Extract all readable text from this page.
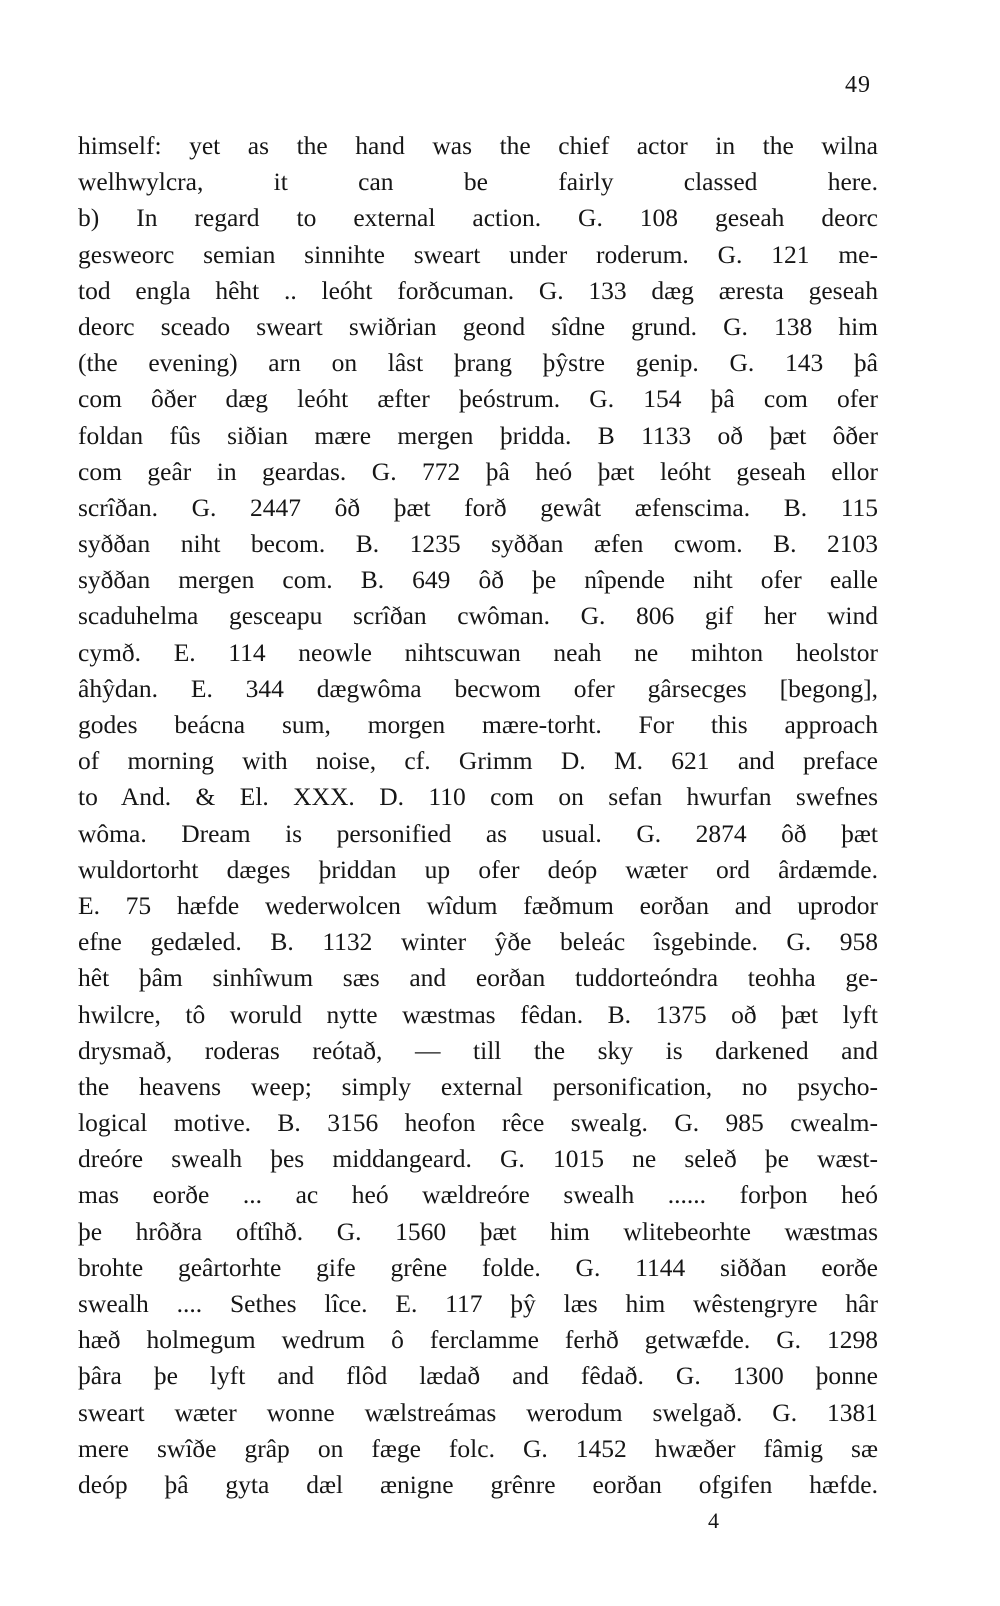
49
himself: yet as the hand was the chief actor in the wilna
welhwylcra, it can be fairly classed here.
b) In regard to external action. G. 108 geseah deorc
gesweorc semian sinnihte sweart under roderum. G. 121 me-
tod engla hêht .. leóht forðcuman. G. 133 dæg æresta geseah
deorc sceado sweart swiðrian geond sîdne grund. G. 138 him
(the evening) arn on lâst þrang þŷstre genip. G. 143 þâ
com ôðer dæg leóht æfter þeóstrum. G. 154 þâ com ofer
foldan fûs siðian mære mergen þridda. B 1133 oð þæt ôðer
com geâr in geardas. G. 772 þâ heó þæt leóht geseah ellor
scrîðan. G. 2447 ôð þæt forð gewât æfenscima. B. 115
syððan niht becom. B. 1235 syððan æfen cwom. B. 2103
syððan mergen com. B. 649 ôð þe nîpende niht ofer ealle
scaduhelma gesceapu scrîðan cwôman. G. 806 gif her wind
cymð. E. 114 neowle nihtscuwan neah ne mihton heolstor
âhŷdan. E. 344 dægwôma becwom ofer gârsecges [begong],
godes beácna sum, morgen mære-torht. For this approach
of morning with noise, cf. Grimm D. M. 621 and preface
to And. & El. XXX. D. 110 com on sefan hwurfan swefnes
wôma. Dream is personified as usual. G. 2874 ôð þæt
wuldortorht dæges þriddan up ofer deóp wæter ord ârdæmde.
E. 75 hæfde wederwolcen wîdum fæðmum eorðan and uprodor
efne gedæled. B. 1132 winter ŷðe beleác îsgebinde. G. 958
hêt þâm sinhîwum sæs and eorðan tuddorteóndra teohha ge-
hwilcre, tô woruld nytte wæstmas fêdan. B. 1375 oð þæt lyft
drysmað, roderas reótað, — till the sky is darkened and
the heavens weep; simply external personification, no psycho-
logical motive. B. 3156 heofon rêce swealg. G. 985 cwealm-
dreóre swealh þes middangeard. G. 1015 ne seleð þe wæst-
mas eorðe ... ac heó wældreóre swealh ...... forþon heó
þe hrôðra oftîhð. G. 1560 þæt him wlitebeorhte wæstmas
brohte geârtorhte gife grêne folde. G. 1144 siððan eorðe
swealh .... Sethes lîce. E. 117 þŷ læs him wêstengryre hâr
hæð holmegum wedrum ô ferclamme ferhð getwæfde. G. 1298
þâra þe lyft and flôd lædað and fêdað. G. 1300 þonne
sweart wæter wonne wælstreámas werodum swelgað. G. 1381
mere swîðe grâp on fæge folc. G. 1452 hwæðer fâmig sæ
deóp þâ gyta dæl ænigne grênre eorðan ofgifen hæfde.
4
